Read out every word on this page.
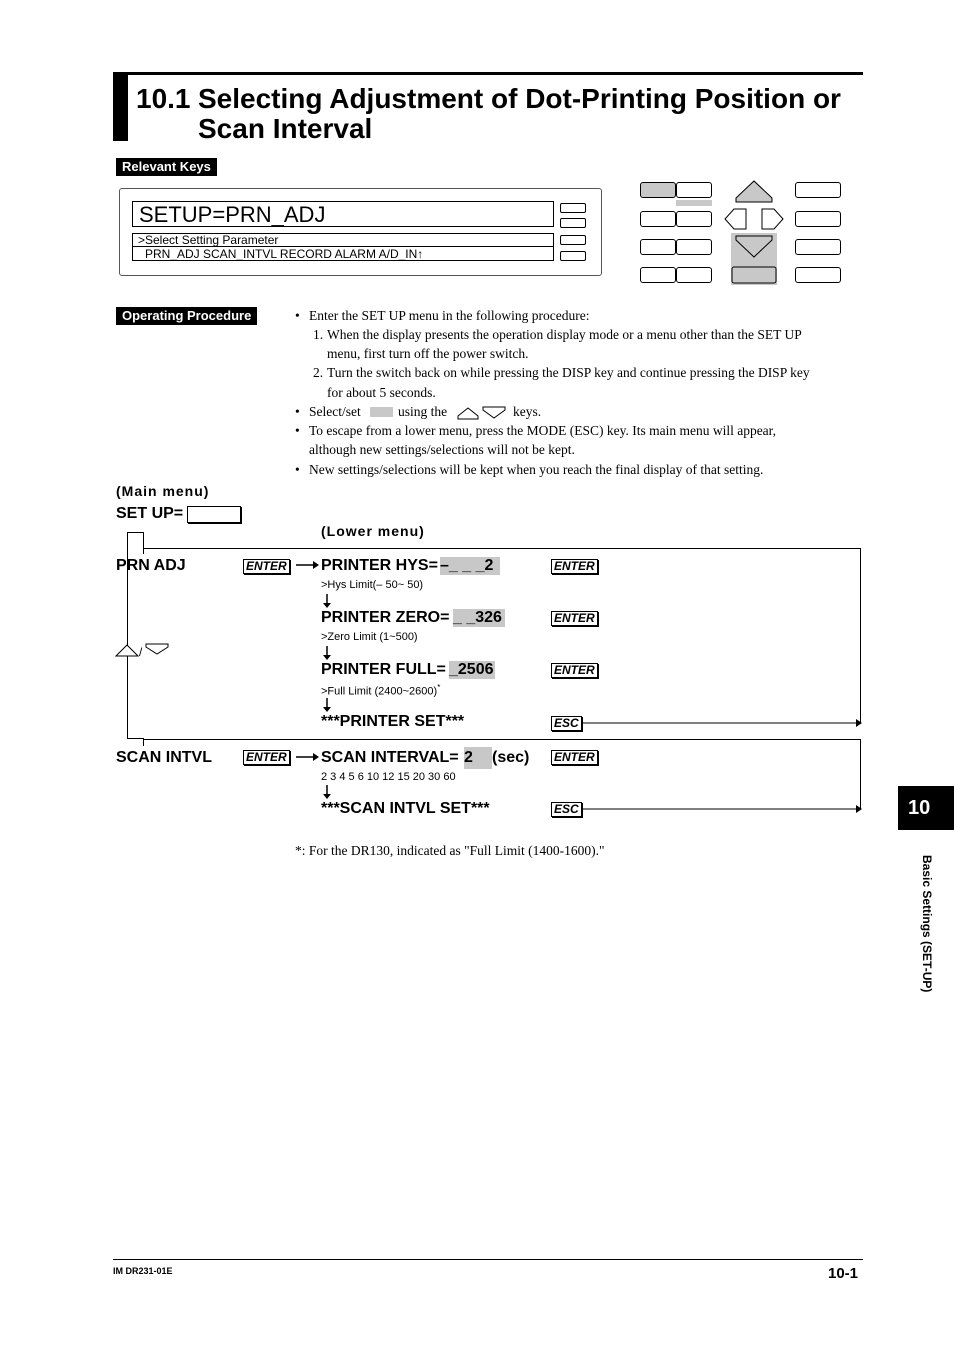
10.1 Selecting Adjustment of Dot-Printing Position or
Scan Interval
Relevant Keys
SETUP=PRN_ADJ
>Select Setting Parameter
PRN_ADJ SCAN_INTVL RECORD ALARM A/D_IN↑
Operating Procedure	• Enter the SET UP menu in the following procedure:
1. When the display presents the operation display mode or a menu other than the SET UP
menu, first turn off the power switch.
2. Turn the switch back on while pressing the DISP key and continue pressing the DISP key
for about 5 seconds.
• Select/set	using the	keys.
• To escape from a lower menu, press the MODE (ESC) key. Its main menu will appear,
although new settings/selections will not be kept.
• New settings/selections will be kept when you reach the final display of that setting.
(Main menu)
SET UP=
(Lower menu)
/
PRN ADJ
SCAN INTVL
ENTER PRINTER HYS= –_ _ _2
>Hys Limit(– 50~ 50)
ENTER
PRINTER ZERO= _ _326
>Zero Limit (1~500)
ENTER
PRINTER FULL= _2506
>Full Limit (2400~2600)*
ENTER
***PRINTER SET***	ESC
ENTER SCAN INTERVAL= 2	(sec)
2 3 4 5 6 10 12 15 20 30 60
ENTER
***SCAN INTVL SET***	ESC
*: For the DR130, indicated as "Full Limit (1400-1600)."
10
Basic Settings (SET-UP)
IM DR231-01E	10-1
